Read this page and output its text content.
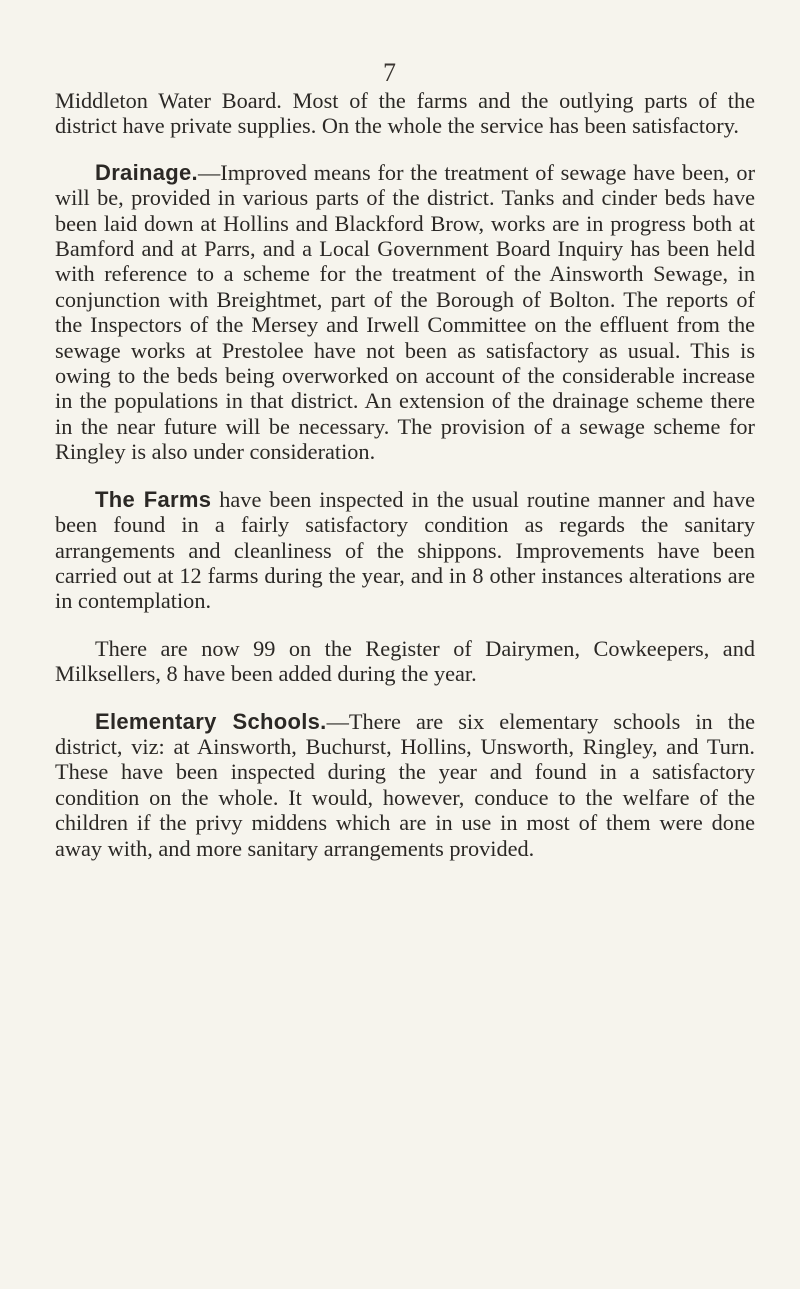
7

Middleton Water Board. Most of the farms and the outlying parts of the district have private supplies. On the whole the service has been satisfactory.

Drainage.—Improved means for the treatment of sewage have been, or will be, provided in various parts of the district. Tanks and cinder beds have been laid down at Hollins and Blackford Brow, works are in progress both at Bamford and at Parrs, and a Local Government Board Inquiry has been held with reference to a scheme for the treatment of the Ainsworth Sewage, in conjunction with Breightmet, part of the Borough of Bolton. The reports of the Inspectors of the Mersey and Irwell Committee on the effluent from the sewage works at Prestolee have not been as satisfactory as usual. This is owing to the beds being overworked on account of the considerable increase in the populations in that district. An extension of the drainage scheme there in the near future will be necessary. The provision of a sewage scheme for Ringley is also under consideration.

The Farms have been inspected in the usual routine manner and have been found in a fairly satisfactory condition as regards the sanitary arrangements and cleanliness of the shippons. Improvements have been carried out at 12 farms during the year, and in 8 other instances alterations are in contemplation.

There are now 99 on the Register of Dairymen, Cowkeepers, and Milksellers, 8 have been added during the year.

Elementary Schools.—There are six elementary schools in the district, viz: at Ainsworth, Buchurst, Hollins, Unsworth, Ringley, and Turn. These have been inspected during the year and found in a satisfactory condition on the whole. It would, however, conduce to the welfare of the children if the privy middens which are in use in most of them were done away with, and more sanitary arrangements provided.
